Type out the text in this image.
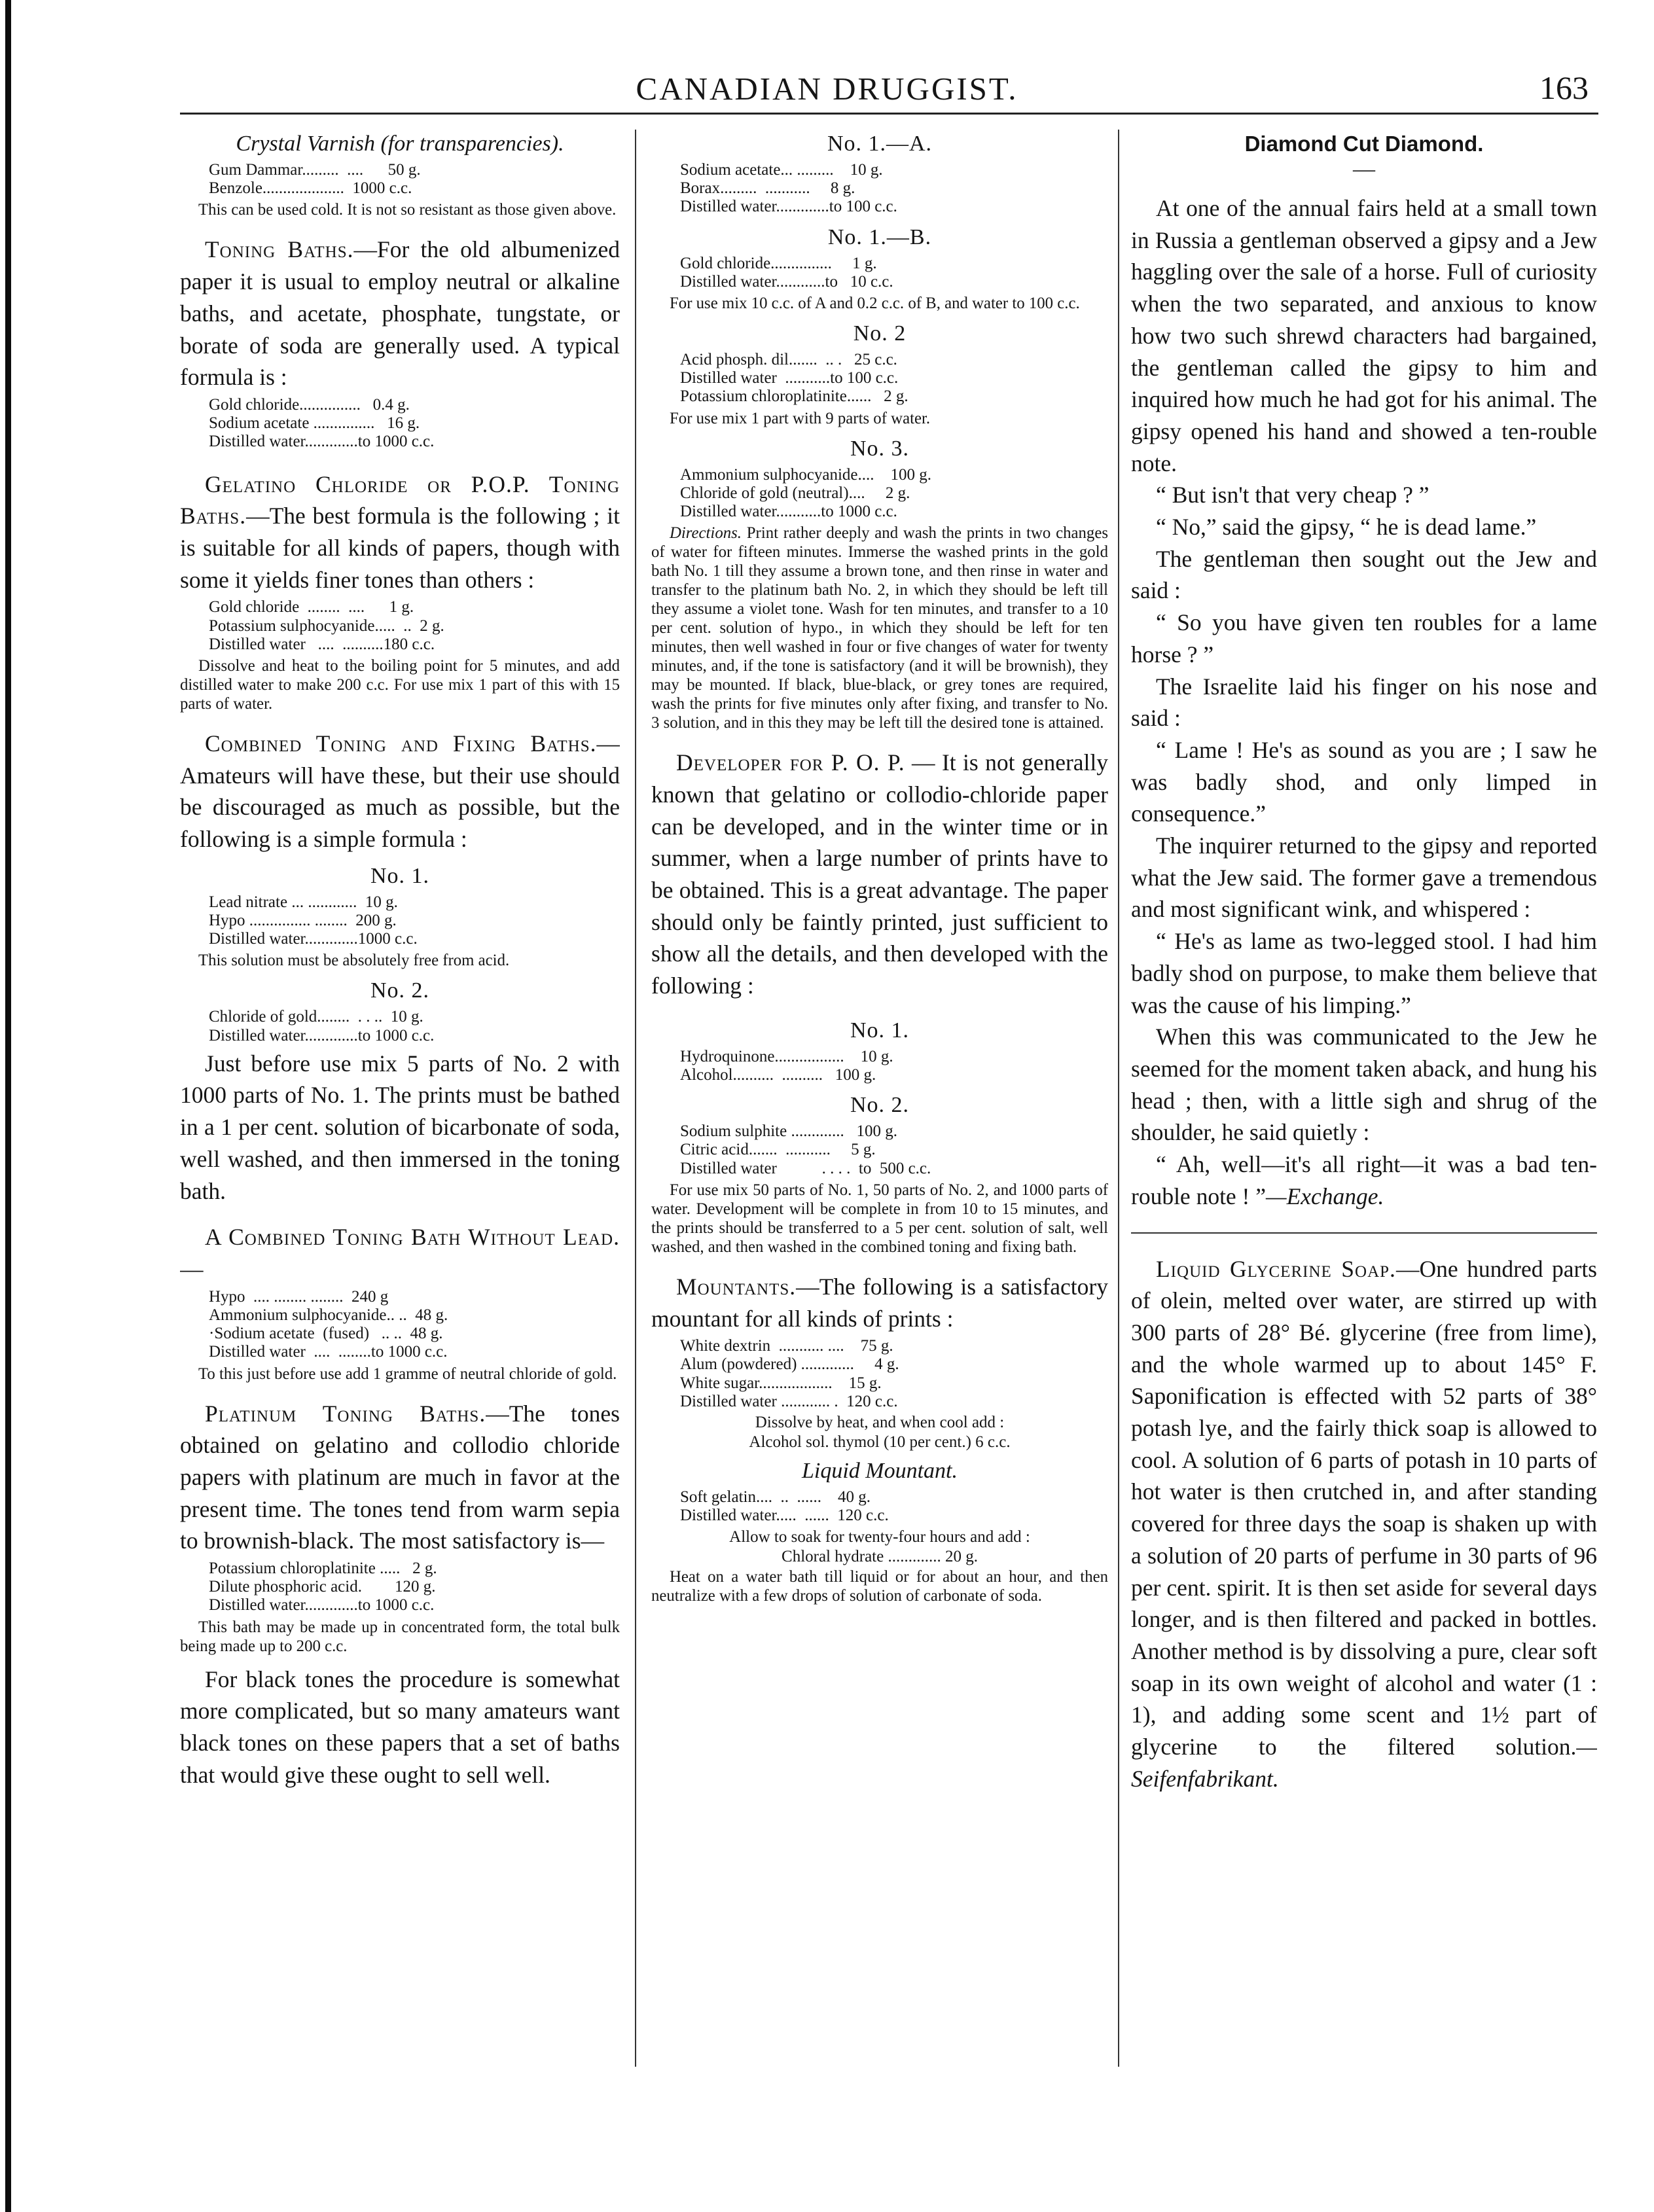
CANADIAN DRUGGIST.	163

Crystal Varnish (for transparencies).

Gum Dammar.........  ....      50 g.
Benzole....................  1000 c.c.

This can be used cold. It is not so resistant as those given above.

Toning Baths.—For the old albumenized paper it is usual to employ neutral or alkaline baths, and acetate, phosphate, tungstate, or borate of soda are generally used. A typical formula is :

Gold chloride...............   0.4 g.
Sodium acetate ...............   16 g.
Distilled water.............to 1000 c.c.

Gelatino Chloride or P.O.P. Toning Baths.—The best formula is the following ; it is suitable for all kinds of papers, though with some it yields finer tones than others :

Gold chloride  ........  ....      1 g.
Potassium sulphocyanide.....  ..  2 g.
Distilled water   ....  ..........180 c.c.

Dissolve and heat to the boiling point for 5 minutes, and add distilled water to make 200 c.c. For use mix 1 part of this with 15 parts of water.

Combined Toning and Fixing Baths.—Amateurs will have these, but their use should be discouraged as much as possible, but the following is a simple formula :

No. 1.

Lead nitrate ... ............  10 g.
Hypo ............... ........  200 g.
Distilled water.............1000 c.c.

This solution must be absolutely free from acid.

No. 2.

Chloride of gold........  . . ..  10 g.
Distilled water.............to 1000 c.c.

Just before use mix 5 parts of No. 2 with 1000 parts of No. 1. The prints must be bathed in a 1 per cent. solution of bicarbonate of soda, well washed, and then immersed in the toning bath.

A Combined Toning Bath Without Lead.—

Hypo  .... ........ ........  240 g
Ammonium sulphocyanide.. ..  48 g.
·Sodium acetate  (fused)   .. ..  48 g.
Distilled water  ....  ........to 1000 c.c.

To this just before use add 1 gramme of neutral chloride of gold.

Platinum Toning Baths.—The tones obtained on gelatino and collodio chloride papers with platinum are much in favor at the present time. The tones tend from warm sepia to brownish-black. The most satisfactory is—

Potassium chloroplatinite .....   2 g.
Dilute phosphoric acid.        120 g.
Distilled water.............to 1000 c.c.

This bath may be made up in concentrated form, the total bulk being made up to 200 c.c.

For black tones the procedure is somewhat more complicated, but so many amateurs want black tones on these papers that a set of baths that would give these ought to sell well.

No. 1.—A.

Sodium acetate... .........    10 g.
Borax.........  ...........     8 g.
Distilled water.............to 100 c.c.

No. 1.—B.

Gold chloride...............     1 g.
Distilled water............to   10 c.c.

For use mix 10 c.c. of A and 0.2 c.c. of B, and water to 100 c.c.

No. 2

Acid phosph. dil.......  .. .   25 c.c.
Distilled water  ...........to 100 c.c.
Potassium chloroplatinite......   2 g.

For use mix 1 part with 9 parts of water.

No. 3.

Ammonium sulphocyanide....    100 g.
Chloride of gold (neutral)....     2 g.
Distilled water...........to 1000 c.c.

Directions. Print rather deeply and wash the prints in two changes of water for fifteen minutes. Immerse the washed prints in the gold bath No. 1 till they assume a brown tone, and then rinse in water and transfer to the platinum bath No. 2, in which they should be left till they assume a violet tone. Wash for ten minutes, and transfer to a 10 per cent. solution of hypo., in which they should be left for ten minutes, then well washed in four or five changes of water for twenty minutes, and, if the tone is satisfactory (and it will be brownish), they may be mounted. If black, blue-black, or grey tones are required, wash the prints for five minutes only after fixing, and transfer to No. 3 solution, and in this they may be left till the desired tone is attained.

Developer for P. O. P. — It is not generally known that gelatino or collodio-chloride paper can be developed, and in the winter time or in summer, when a large number of prints have to be obtained. This is a great advantage. The paper should only be faintly printed, just sufficient to show all the details, and then developed with the following :

No. 1.

Hydroquinone.................    10 g.
Alcohol..........  ..........   100 g.

No. 2.

Sodium sulphite .............   100 g.
Citric acid.......  ...........     5 g.
Distilled water           . . . .  to  500 c.c.

For use mix 50 parts of No. 1, 50 parts of No. 2, and 1000 parts of water. Development will be complete in from 10 to 15 minutes, and the prints should be transferred to a 5 per cent. solution of salt, well washed, and then washed in the combined toning and fixing bath.

Mountants.—The following is a satisfactory mountant for all kinds of prints :

White dextrin  ........... ....    75 g.
Alum (powdered) .............     4 g.
White sugar..................    15 g.
Distilled water ............ .  120 c.c.

Dissolve by heat, and when cool add :

Alcohol sol. thymol (10 per cent.) 6 c.c.

Liquid Mountant.

Soft gelatin....  ..  ......    40 g.
Distilled water.....  ......  120 c.c.

Allow to soak for twenty-four hours and add :

Chloral hydrate ............. 20 g.

Heat on a water bath till liquid or for about an hour, and then neutralize with a few drops of solution of carbonate of soda.

Diamond Cut Diamond.

—

At one of the annual fairs held at a small town in Russia a gentleman observed a gipsy and a Jew haggling over the sale of a horse. Full of curiosity when the two separated, and anxious to know how two such shrewd characters had bargained, the gentleman called the gipsy to him and inquired how much he had got for his animal. The gipsy opened his hand and showed a ten-rouble note.

“ But isn't that very cheap ? ”

“ No,” said the gipsy, “ he is dead lame.”

The gentleman then sought out the Jew and said :

“ So you have given ten roubles for a lame horse ? ”

The Israelite laid his finger on his nose and said :

“ Lame ! He's as sound as you are ; I saw he was badly shod, and only limped in consequence.”

The inquirer returned to the gipsy and reported what the Jew said. The former gave a tremendous and most significant wink, and whispered :

“ He's as lame as two-legged stool. I had him badly shod on purpose, to make them believe that was the cause of his limping.”

When this was communicated to the Jew he seemed for the moment taken aback, and hung his head ; then, with a little sigh and shrug of the shoulder, he said quietly :

“ Ah, well—it's all right—it was a bad ten-rouble note ! ”—Exchange.

Liquid Glycerine Soap.—One hundred parts of olein, melted over water, are stirred up with 300 parts of 28° Bé. glycerine (free from lime), and the whole warmed up to about 145° F. Saponification is effected with 52 parts of 38° potash lye, and the fairly thick soap is allowed to cool. A solution of 6 parts of potash in 10 parts of hot water is then crutched in, and after standing covered for three days the soap is shaken up with a solution of 20 parts of perfume in 30 parts of 96 per cent. spirit. It is then set aside for several days longer, and is then filtered and packed in bottles. Another method is by dissolving a pure, clear soft soap in its own weight of alcohol and water (1 : 1), and adding some scent and 1½ part of glycerine to the filtered solution.—Seifenfabrikant.
